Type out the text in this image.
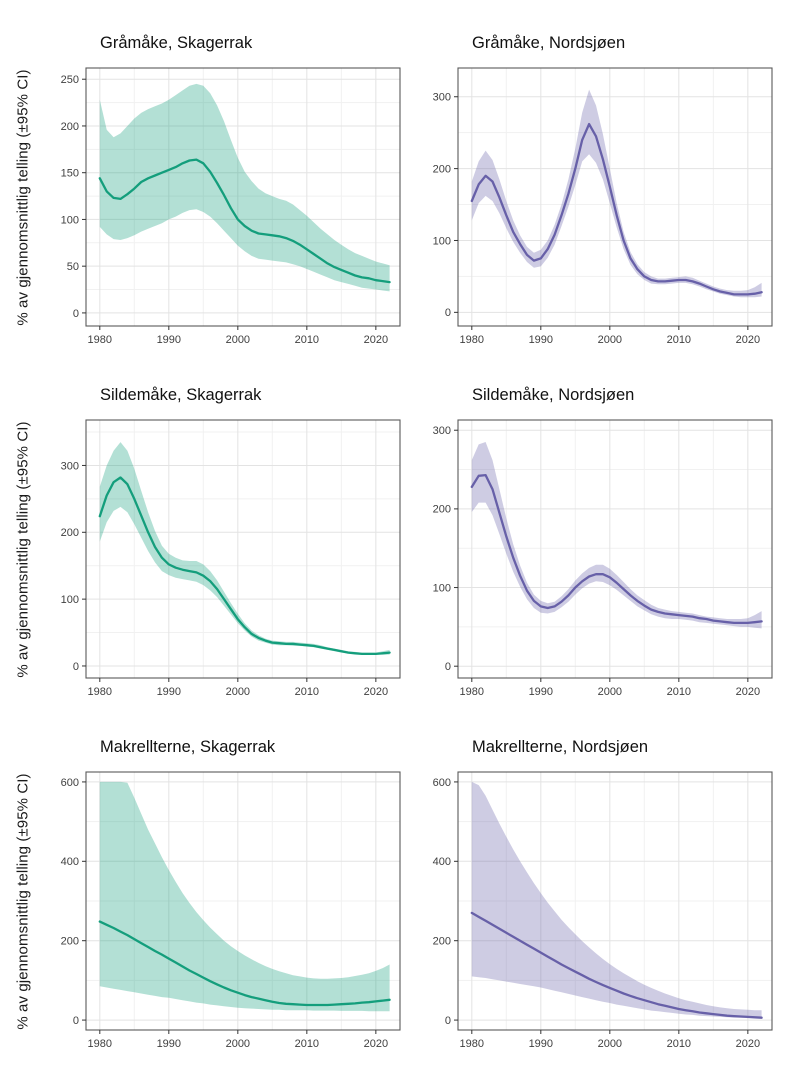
% av gjennomsnittlig telling (±95% CI)
Gråmåke, Skagerrak
0
50
100
150
200
250
1980	1990	2000	2010	2020
Gråmåke, Nordsjøen
0
100
200
300
1980	1990	2000	2010	2020
% av gjennomsnittlig telling (±95% CI)
Sildemåke, Skagerrak
0
100
200
300
1980	1990	2000	2010	2020
Sildemåke, Nordsjøen
0
100
200
300
1980	1990	2000	2010	2020
% av gjennomsnittlig telling (±95% CI)
Makrellterne, Skagerrak
0
200
400
600
1980	1990	2000	2010	2020
Makrellterne, Nordsjøen
0
200
400
600
1980	1990	2000	2010	2020
